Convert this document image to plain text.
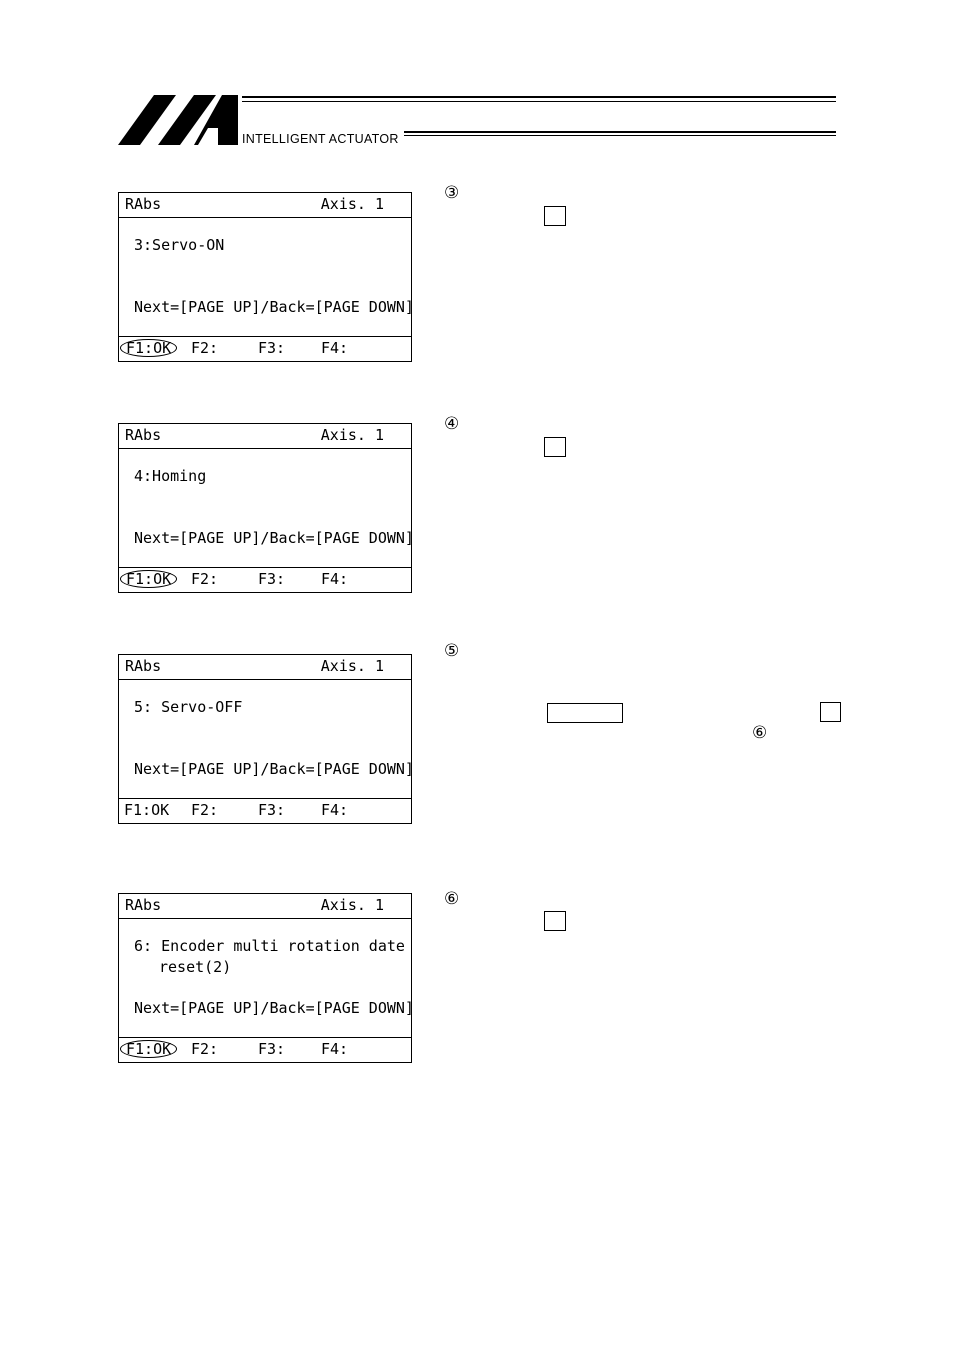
INTELLIGENT ACTUATOR
RAbs	Axis. 1
3:Servo-ON
Next=[PAGE UP]/Back=[PAGE DOWN]
F1:OK	F2:	F3: F4:
RAbs	Axis. 1
4:Homing
Next=[PAGE UP]/Back=[PAGE DOWN]
F1:OK	F2:	F3: F4:
RAbs	Axis. 1
5: Servo-OFF
Next=[PAGE UP]/Back=[PAGE DOWN]
F1:OK F2:	F3: F4:
RAbs	Axis. 1
6: Encoder multi rotation date
reset(2)
Next=[PAGE UP]/Back=[PAGE DOWN]
F1:OK	F2:	F3: F4:
③
④
⑤
⑥
⑥
